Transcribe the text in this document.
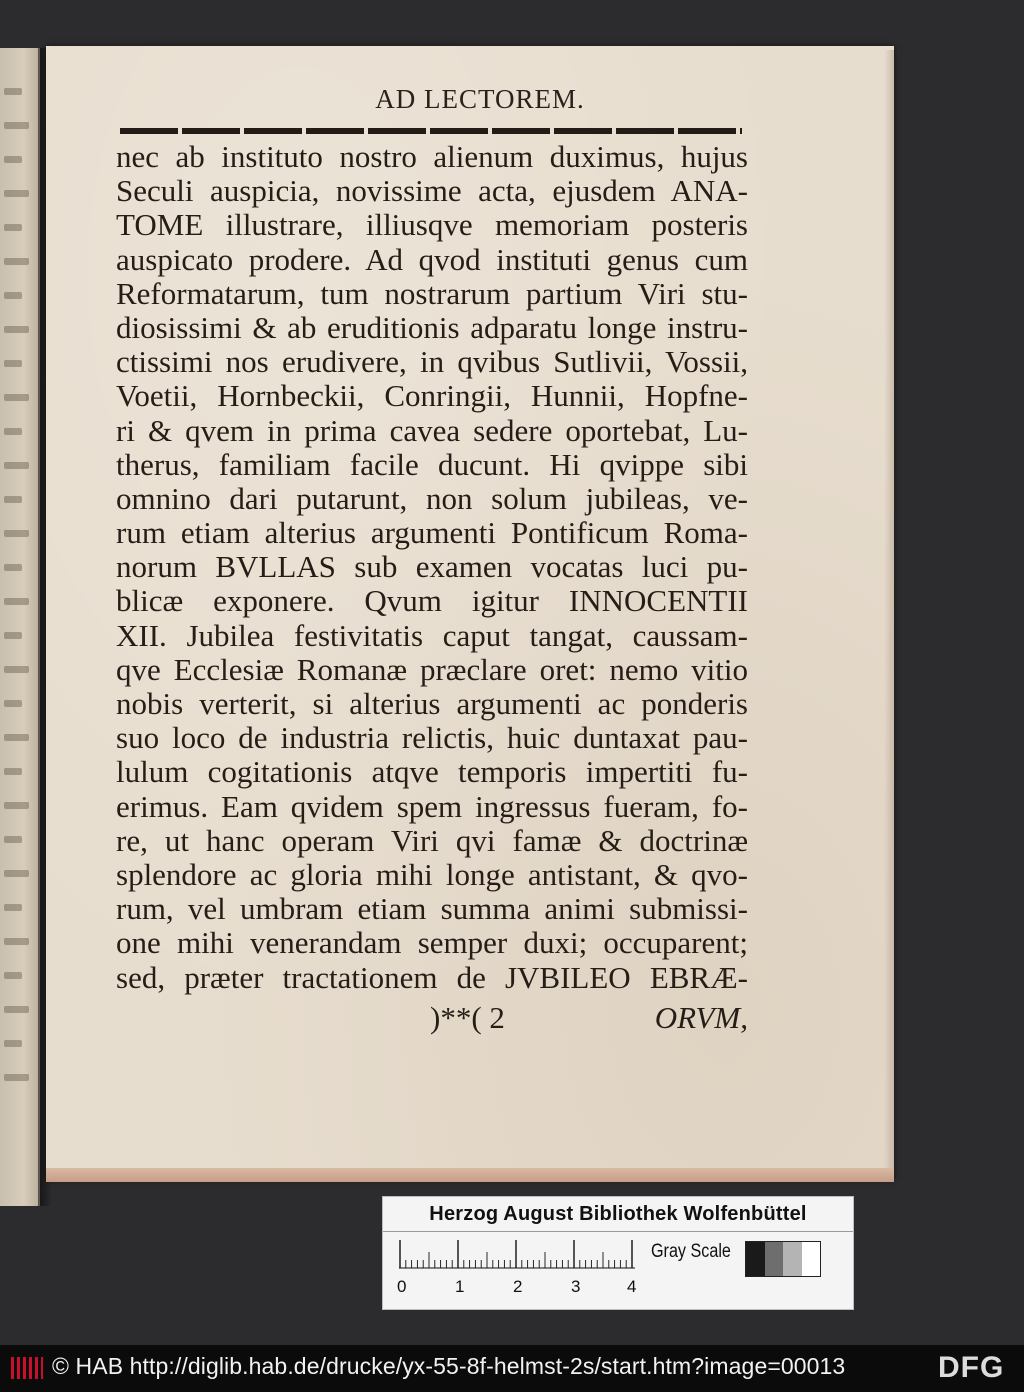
AD LECTOREM.
nec ab instituto nostro alienum duximus, hujus
Seculi auspicia, novissime acta, ejusdem ANA-
TOME illustrare, illiusqve memoriam posteris
auspicato prodere. Ad qvod instituti genus cum
Reformatarum, tum nostrarum partium Viri stu-
diosissimi & ab eruditionis adparatu longe instru-
ctissimi nos erudivere, in qvibus Sutlivii, Vossii,
Voetii, Hornbeckii, Conringii, Hunnii, Hopfne-
ri & qvem in prima cavea sedere oportebat, Lu-
therus, familiam facile ducunt. Hi qvippe sibi
omnino dari putarunt, non solum jubileas, ve-
rum etiam alterius argumenti Pontificum Roma-
norum BVLLAS sub examen vocatas luci pu-
blicæ exponere. Qvum igitur INNOCENTII
XII. Jubilea festivitatis caput tangat, caussam-
qve Ecclesiæ Romanæ præclare oret: nemo vitio
nobis verterit, si alterius argumenti ac ponderis
suo loco de industria relictis, huic duntaxat pau-
lulum cogitationis atqve temporis impertiti fu-
erimus. Eam qvidem spem ingressus fueram, fo-
re, ut hanc operam Viri qvi famæ & doctrinæ
splendore ac gloria mihi longe antistant, & qvo-
rum, vel umbram etiam summa animi submissi-
one mihi venerandam semper duxi; occuparent;
sed, præter tractationem de JVBILEO EBRÆ-
)**( 2	ORVM,
Herzog August Bibliothek Wolfenbüttel
0	1	2	3	4
Gray Scale
© HAB http://diglib.hab.de/drucke/yx-55-8f-helmst-2s/start.htm?image=00013	DFG
